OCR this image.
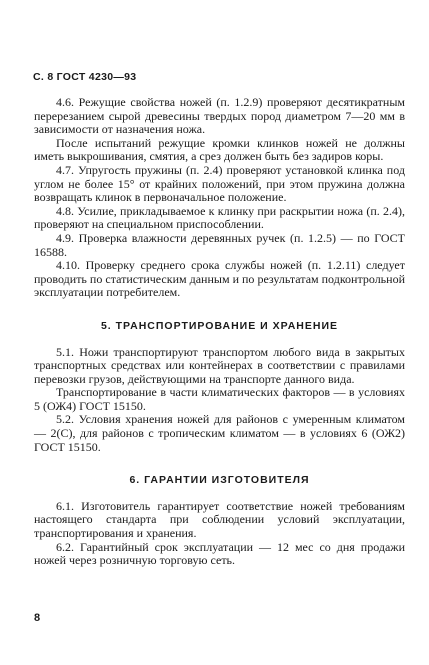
С. 8 ГОСТ 4230—93

4.6. Режущие свойства ножей (п. 1.2.9) проверяют десятикратным перерезанием сырой древесины твердых пород диаметром 7—20 мм в зависимости от назначения ножа.

После испытаний режущие кромки клинков ножей не должны иметь выкрошивания, смятия, а срез должен быть без задиров коры.

4.7. Упругость пружины (п. 2.4) проверяют установкой клинка под углом не более 15° от крайних положений, при этом пружина должна возвращать клинок в первоначальное положение.

4.8. Усилие, прикладываемое к клинку при раскрытии ножа (п. 2.4), проверяют на специальном приспособлении.

4.9. Проверка влажности деревянных ручек (п. 1.2.5) — по ГОСТ 16588.

4.10. Проверку среднего срока службы ножей (п. 1.2.11) следует проводить по статистическим данным и по результатам подконтрольной эксплуатации потребителем.

5. ТРАНСПОРТИРОВАНИЕ И ХРАНЕНИЕ

5.1. Ножи транспортируют транспортом любого вида в закрытых транспортных средствах или контейнерах в соответствии с правилами перевозки грузов, действующими на транспорте данного вида.

Транспортирование в части климатических факторов — в условиях 5 (ОЖ4) ГОСТ 15150.

5.2. Условия хранения ножей для районов с умеренным климатом — 2(С), для районов с тропическим климатом — в условиях 6 (ОЖ2) ГОСТ 15150.

6. ГАРАНТИИ ИЗГОТОВИТЕЛЯ

6.1. Изготовитель гарантирует соответствие ножей требованиям настоящего стандарта при соблюдении условий эксплуатации, транспортирования и хранения.

6.2. Гарантийный срок эксплуатации — 12 мес со дня продажи ножей через розничную торговую сеть.

8
